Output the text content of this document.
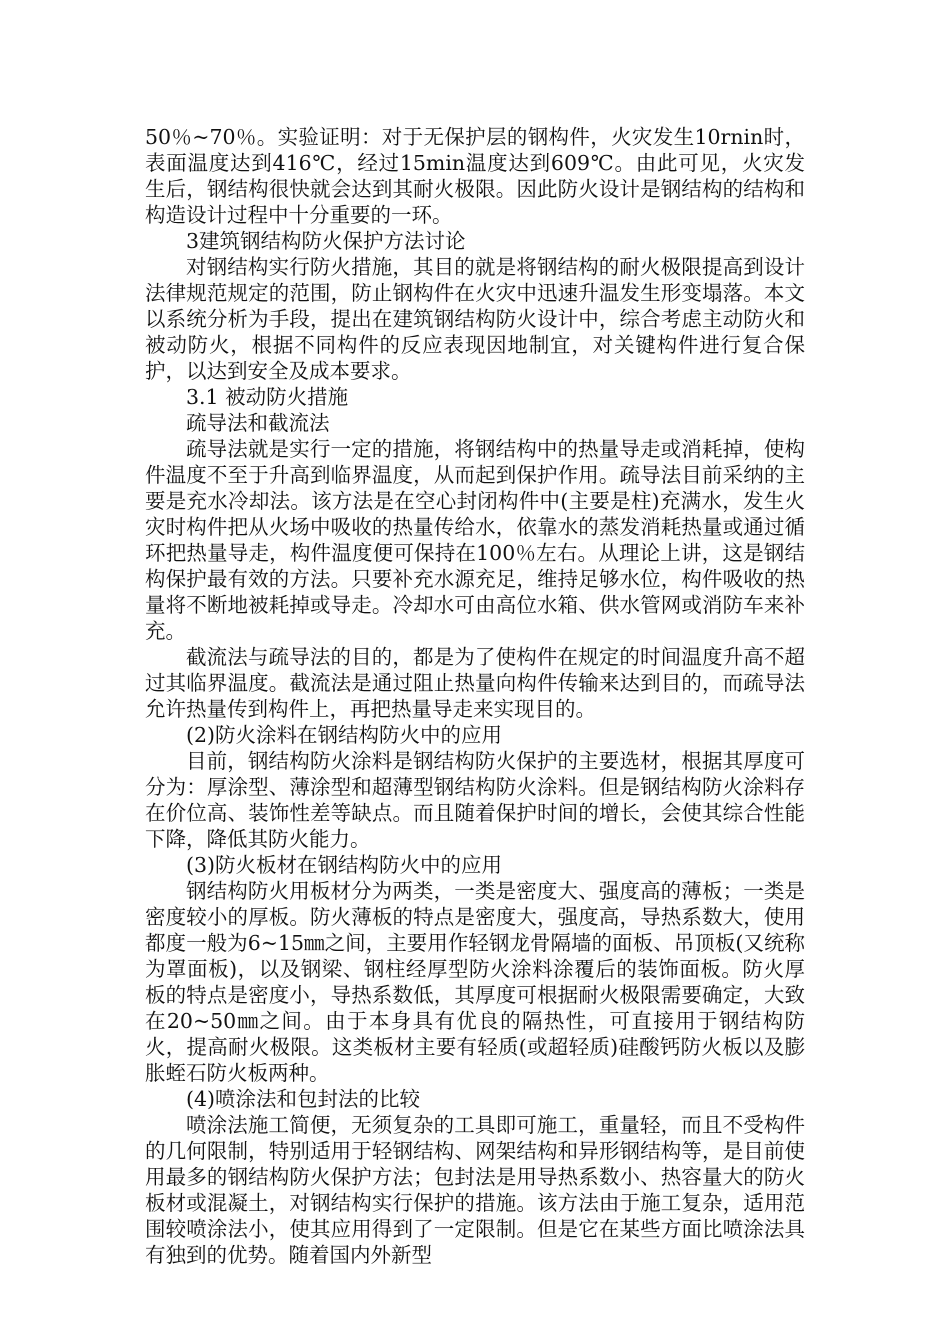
50％~70％。实验证明：对于无保护层的钢构件，火灾发生10rnin时，表面温度达到416℃，经过15min温度达到609℃。由此可见，火灾发生后，钢结构很快就会达到其耐火极限。因此防火设计是钢结构的结构和构造设计过程中十分重要的一环。

3建筑钢结构防火保护方法讨论

对钢结构实行防火措施，其目的就是将钢结构的耐火极限提高到设计法律规范规定的范围，防止钢构件在火灾中迅速升温发生形变塌落。本文以系统分析为手段，提出在建筑钢结构防火设计中，综合考虑主动防火和被动防火，根据不同构件的反应表现因地制宜，对关键构件进行复合保护，以达到安全及成本要求。

3.1 被动防火措施

疏导法和截流法

疏导法就是实行一定的措施，将钢结构中的热量导走或消耗掉，使构件温度不至于升高到临界温度，从而起到保护作用。疏导法目前采纳的主要是充水冷却法。该方法是在空心封闭构件中(主要是柱)充满水，发生火灾时构件把从火场中吸收的热量传给水，依靠水的蒸发消耗热量或通过循环把热量导走，构件温度便可保持在100％左右。从理论上讲，这是钢结构保护最有效的方法。只要补充水源充足，维持足够水位，构件吸收的热量将不断地被耗掉或导走。冷却水可由高位水箱、供水管网或消防车来补充。

截流法与疏导法的目的，都是为了使构件在规定的时间温度升高不超过其临界温度。截流法是通过阻止热量向构件传输来达到目的，而疏导法允许热量传到构件上，再把热量导走来实现目的。

(2)防火涂料在钢结构防火中的应用

目前，钢结构防火涂料是钢结构防火保护的主要选材，根据其厚度可分为：厚涂型、薄涂型和超薄型钢结构防火涂料。但是钢结构防火涂料存在价位高、装饰性差等缺点。而且随着保护时间的增长，会使其综合性能下降，降低其防火能力。

(3)防火板材在钢结构防火中的应用

钢结构防火用板材分为两类，一类是密度大、强度高的薄板；一类是密度较小的厚板。防火薄板的特点是密度大，强度高，导热系数大，使用都度一般为6~15㎜之间，主要用作轻钢龙骨隔墙的面板、吊顶板(又统称为罩面板)，以及钢梁、钢柱经厚型防火涂料涂覆后的装饰面板。防火厚板的特点是密度小，导热系数低，其厚度可根据耐火极限需要确定，大致在20~50㎜之间。由于本身具有优良的隔热性，可直接用于钢结构防火，提高耐火极限。这类板材主要有轻质(或超轻质)硅酸钙防火板以及膨胀蛭石防火板两种。

(4)喷涂法和包封法的比较

喷涂法施工简便，无须复杂的工具即可施工，重量轻，而且不受构件的几何限制，特别适用于轻钢结构、网架结构和异形钢结构等，是目前使用最多的钢结构防火保护方法；包封法是用导热系数小、热容量大的防火板材或混凝土，对钢结构实行保护的措施。该方法由于施工复杂，适用范围较喷涂法小，使其应用得到了一定限制。但是它在某些方面比喷涂法具有独到的优势。随着国内外新型
